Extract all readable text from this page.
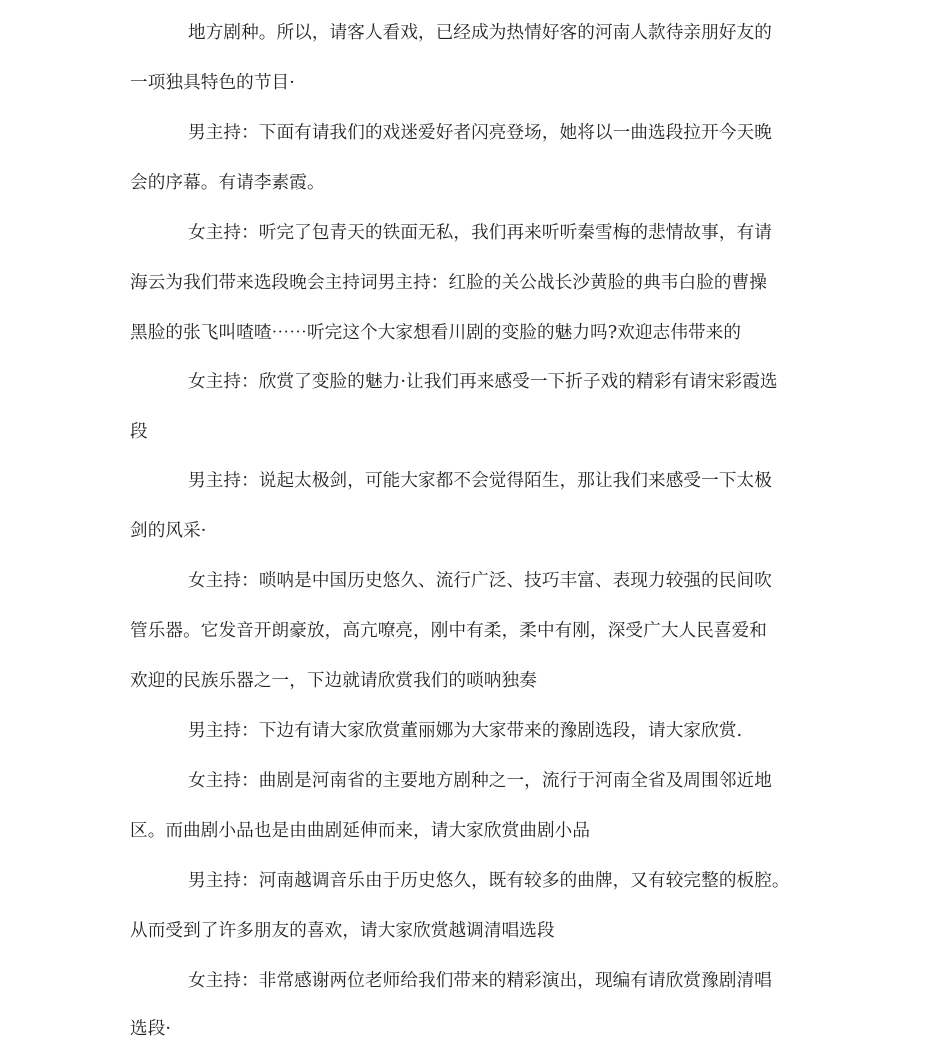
地方剧种。所以，请客人看戏，已经成为热情好客的河南人款待亲朋好友的
一项独具特色的节目·
男主持：下面有请我们的戏迷爱好者闪亮登场，她将以一曲选段拉开今天晚
会的序幕。有请李素霞。
女主持：听完了包青天的铁面无私，我们再来听听秦雪梅的悲情故事，有请
海云为我们带来选段晚会主持词男主持：红脸的关公战长沙黄脸的典韦白脸的曹操
黑脸的张飞叫喳喳⋯⋯听完这个大家想看川剧的变脸的魅力吗?欢迎志伟带来的
女主持：欣赏了变脸的魅力·让我们再来感受一下折子戏的精彩有请宋彩霞选
段
男主持：说起太极剑，可能大家都不会觉得陌生，那让我们来感受一下太极
剑的风采·
女主持：唢呐是中国历史悠久、流行广泛、技巧丰富、表现力较强的民间吹
管乐器。它发音开朗豪放，高亢嘹亮，刚中有柔，柔中有刚，深受广大人民喜爱和
欢迎的民族乐器之一，下边就请欣赏我们的唢呐独奏
男主持：下边有请大家欣赏董丽娜为大家带来的豫剧选段，请大家欣赏.
女主持：曲剧是河南省的主要地方剧种之一，流行于河南全省及周围邻近地
区。而曲剧小品也是由曲剧延伸而来，请大家欣赏曲剧小品
男主持：河南越调音乐由于历史悠久，既有较多的曲牌，又有较完整的板腔。
从而受到了许多朋友的喜欢，请大家欣赏越调清唱选段
女主持：非常感谢两位老师给我们带来的精彩演出，现编有请欣赏豫剧清唱
选段·
